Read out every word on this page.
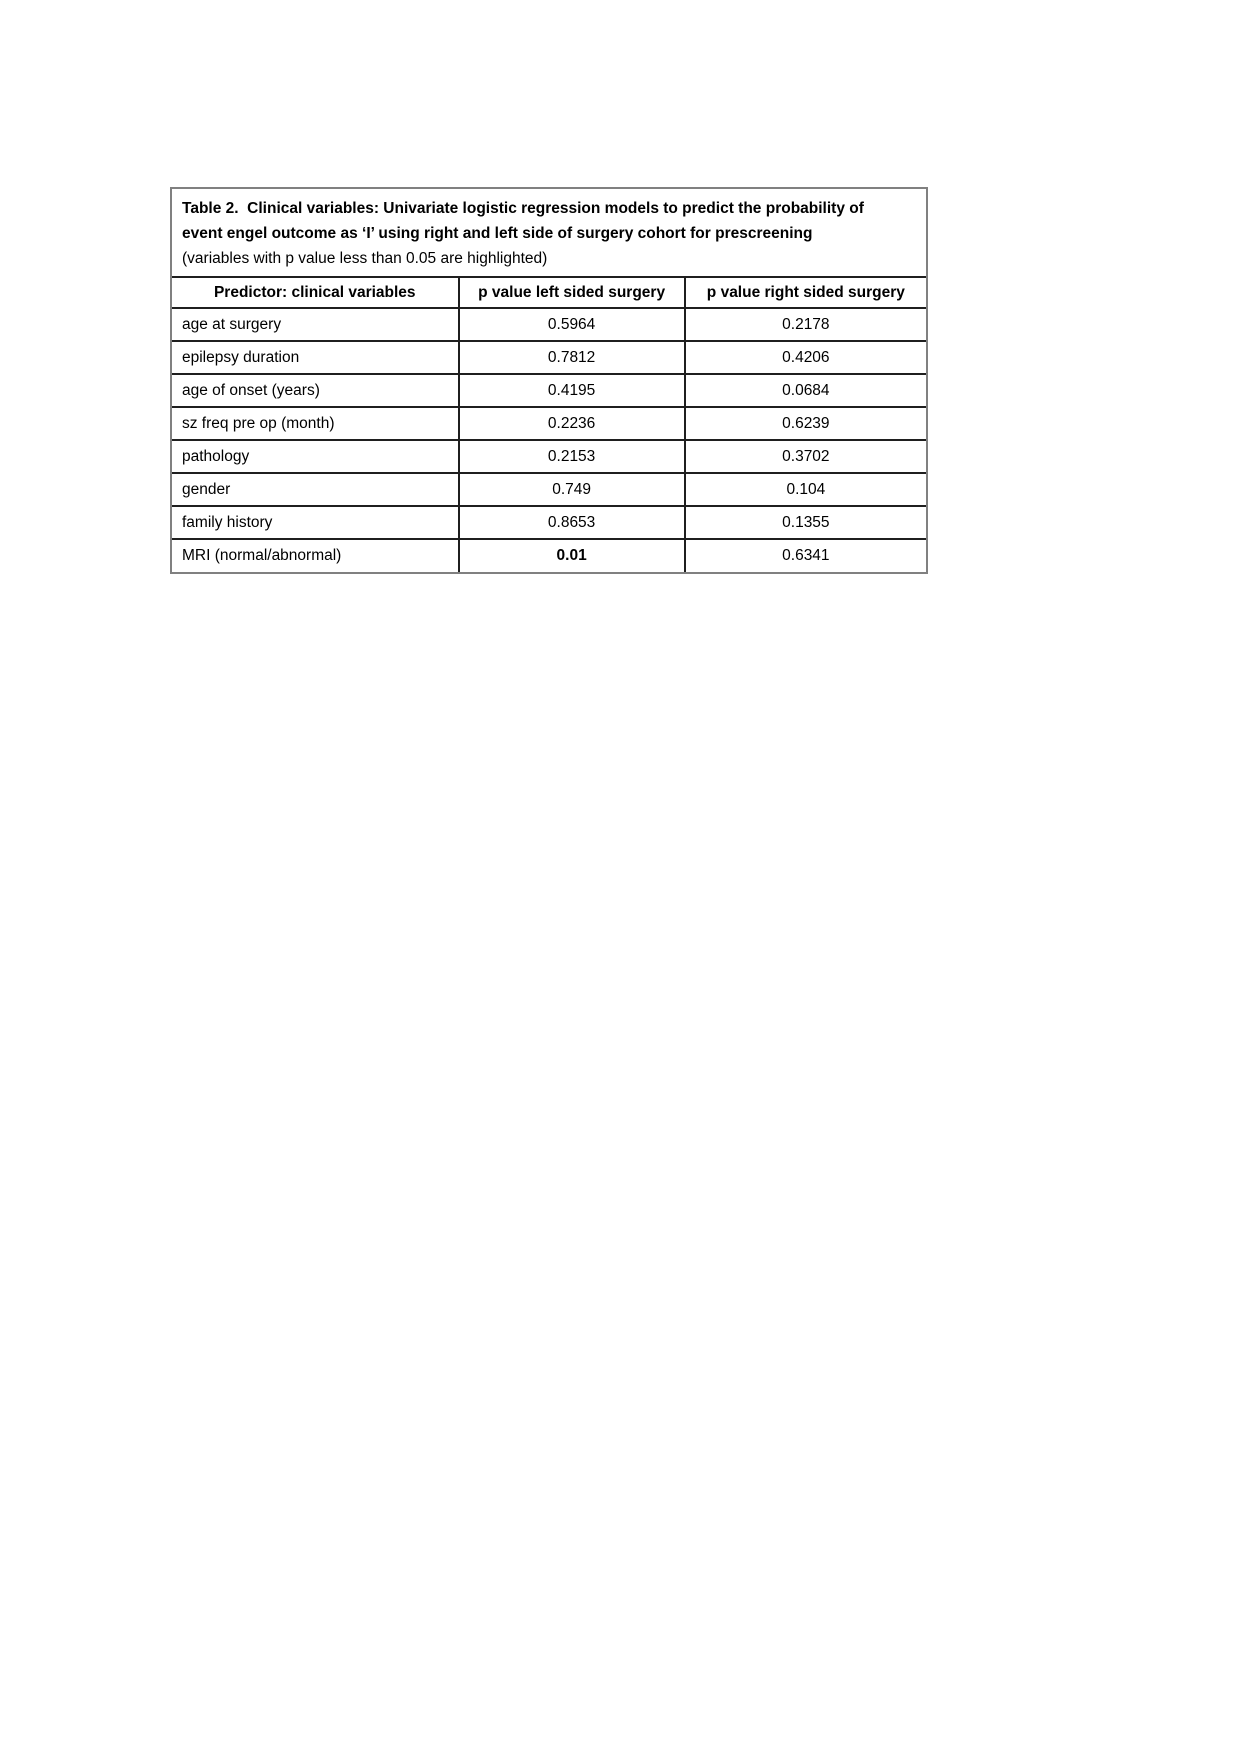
Table 2.  Clinical variables: Univariate logistic regression models to predict the probability of
event engel outcome as ‘I’ using right and left side of surgery cohort for prescreening
(variables with p value less than 0.05 are highlighted)		

Predictor: clinical variables	p value left sided surgery	p value right sided surgery
age at surgery	0.5964	0.2178
epilepsy duration	0.7812	0.4206
age of onset (years)	0.4195	0.0684
sz freq pre op (month)	0.2236	0.6239
pathology	0.2153	0.3702
gender	0.749	0.104
family history	0.8653	0.1355
MRI (normal/abnormal)	0.01	0.6341
